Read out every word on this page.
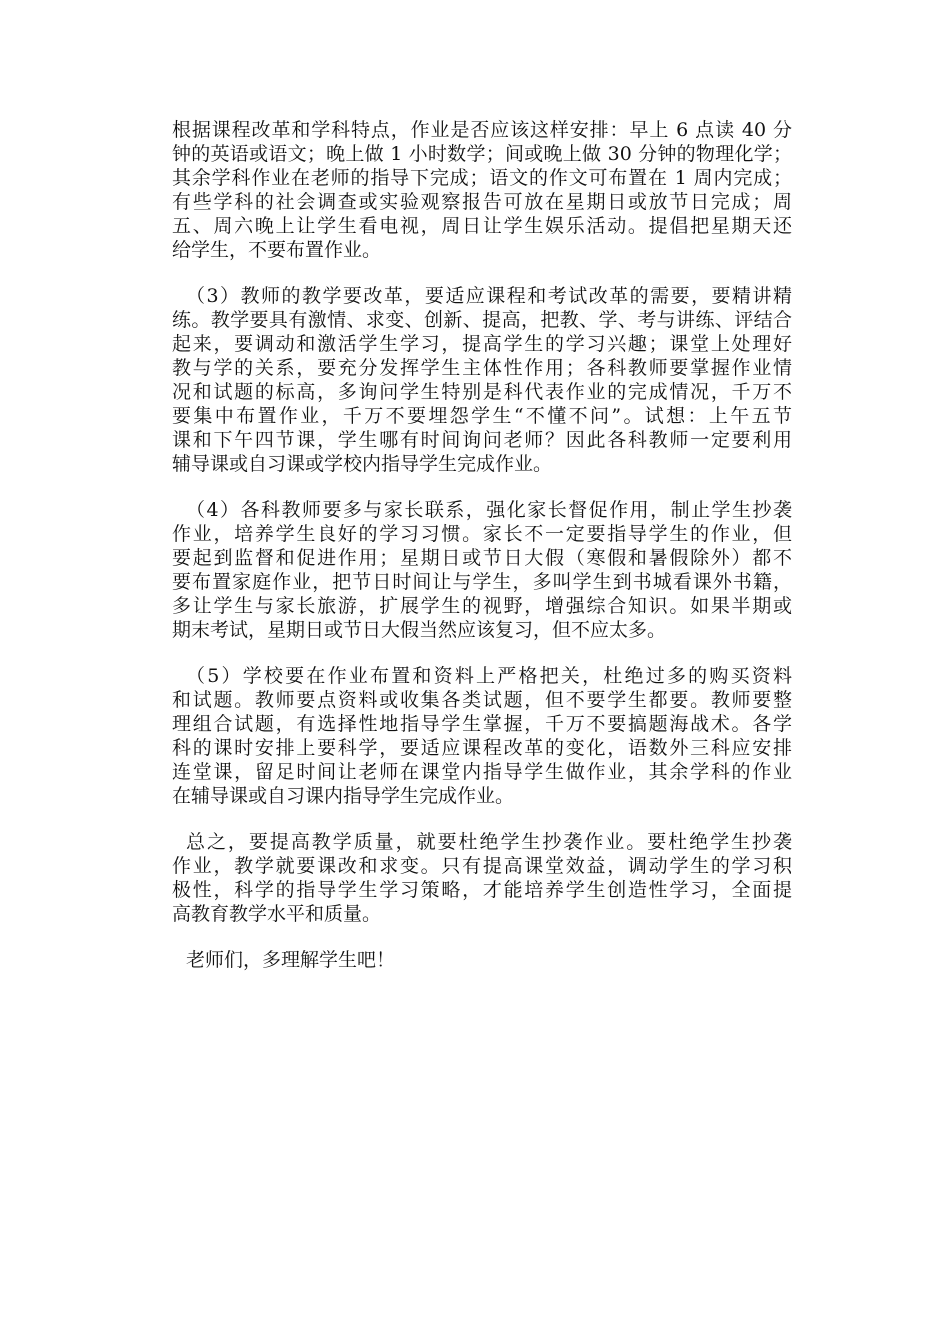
根据课程改革和学科特点，作业是否应该这样安排：早上 6 点读 40 分
钟的英语或语文；晚上做 1 小时数学；间或晚上做 30 分钟的物理化学；
其余学科作业在老师的指导下完成；语文的作文可布置在 1 周内完成；
有些学科的社会调查或实验观察报告可放在星期日或放节日完成；周
五、周六晚上让学生看电视，周日让学生娱乐活动。提倡把星期天还
给学生，不要布置作业。
（3）教师的教学要改革，要适应课程和考试改革的需要，要精讲精
练。教学要具有激情、求变、创新、提高，把教、学、考与讲练、评结合
起来，要调动和激活学生学习，提高学生的学习兴趣；课堂上处理好
教与学的关系，要充分发挥学生主体性作用；各科教师要掌握作业情
况和试题的标高，多询问学生特别是科代表作业的完成情况，千万不
要集中布置作业，千万不要埋怨学生“不懂不问”。试想：上午五节
课和下午四节课，学生哪有时间询问老师？因此各科教师一定要利用
辅导课或自习课或学校内指导学生完成作业。
（4）各科教师要多与家长联系，强化家长督促作用，制止学生抄袭
作业，培养学生良好的学习习惯。家长不一定要指导学生的作业，但
要起到监督和促进作用；星期日或节日大假（寒假和暑假除外）都不
要布置家庭作业，把节日时间让与学生，多叫学生到书城看课外书籍，
多让学生与家长旅游，扩展学生的视野，增强综合知识。如果半期或
期末考试，星期日或节日大假当然应该复习，但不应太多。
（5）学校要在作业布置和资料上严格把关，杜绝过多的购买资料
和试题。教师要点资料或收集各类试题，但不要学生都要。教师要整
理组合试题，有选择性地指导学生掌握，千万不要搞题海战术。各学
科的课时安排上要科学，要适应课程改革的变化，语数外三科应安排
连堂课，留足时间让老师在课堂内指导学生做作业，其余学科的作业
在辅导课或自习课内指导学生完成作业。
总之，要提高教学质量，就要杜绝学生抄袭作业。要杜绝学生抄袭
作业，教学就要课改和求变。只有提高课堂效益，调动学生的学习积
极性，科学的指导学生学习策略，才能培养学生创造性学习，全面提
高教育教学水平和质量。
老师们，多理解学生吧！
